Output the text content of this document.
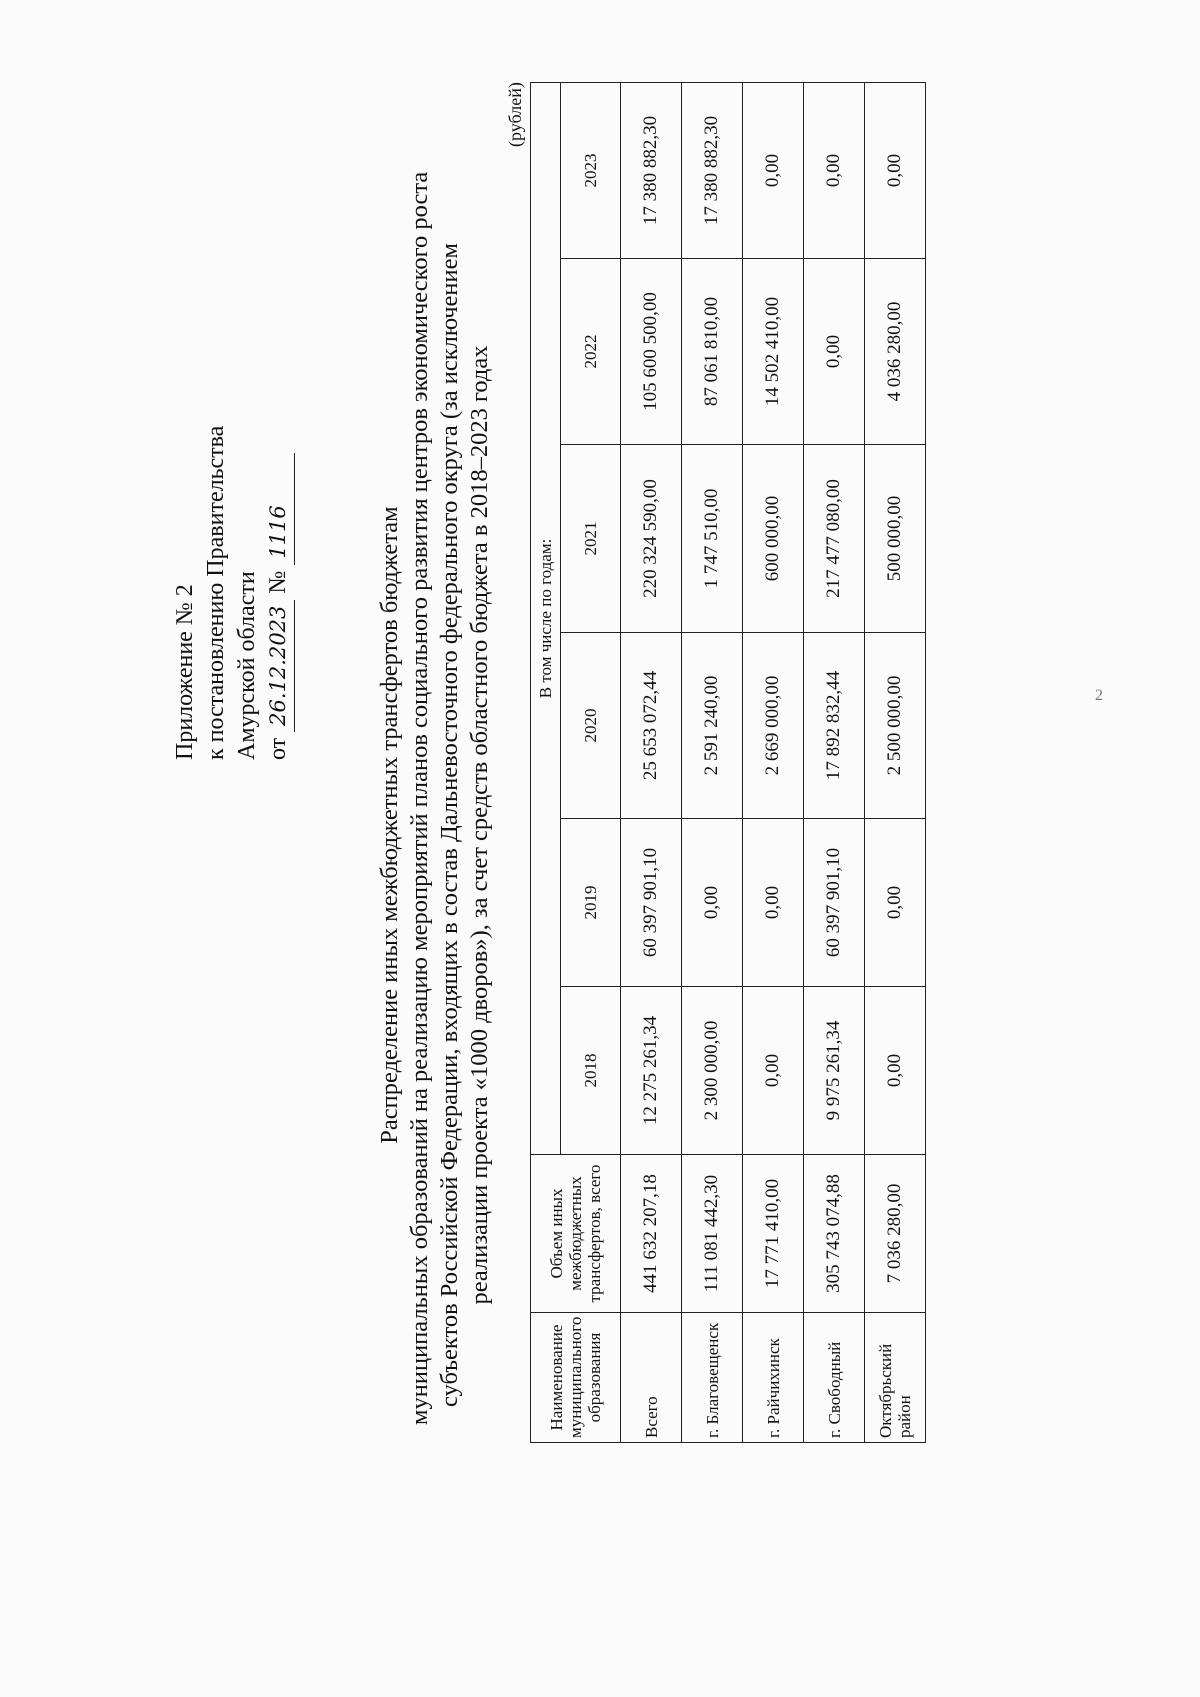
2
Приложение № 2 к постановлению Правительства Амурской области от 26.12.2023 № 1116	Распределение иных межбюджетных трансфертов бюджетам муниципальных образований на реализацию мероприятий планов социального развития центров экономического роста субъектов Российской Федерации, входящих в состав Дальневосточного федерального округа (за исключением реализации проекта «1000 дворов»), за счет средств областного бюджета в 2018–2023 годах
(рублей)
Наименование муниципального образования	Объем иных межбюджетных трансфертов, всего	В том числе по годам:					
		2018	2019	2020	2021	2022	2023
Всего	441 632 207,18	12 275 261,34	60 397 901,10	25 653 072,44	220 324 590,00	105 600 500,00	17 380 882,30
г. Благовещенск	111 081 442,30	2 300 000,00	0,00	2 591 240,00	1 747 510,00	87 061 810,00	17 380 882,30
г. Райчихинск	17 771 410,00	0,00	0,00	2 669 000,00	600 000,00	14 502 410,00	0,00
г. Свободный	305 743 074,88	9 975 261,34	60 397 901,10	17 892 832,44	217 477 080,00	0,00	0,00
Октябрьский район	7 036 280,00	0,00	0,00	2 500 000,00	500 000,00	4 036 280,00	0,00
